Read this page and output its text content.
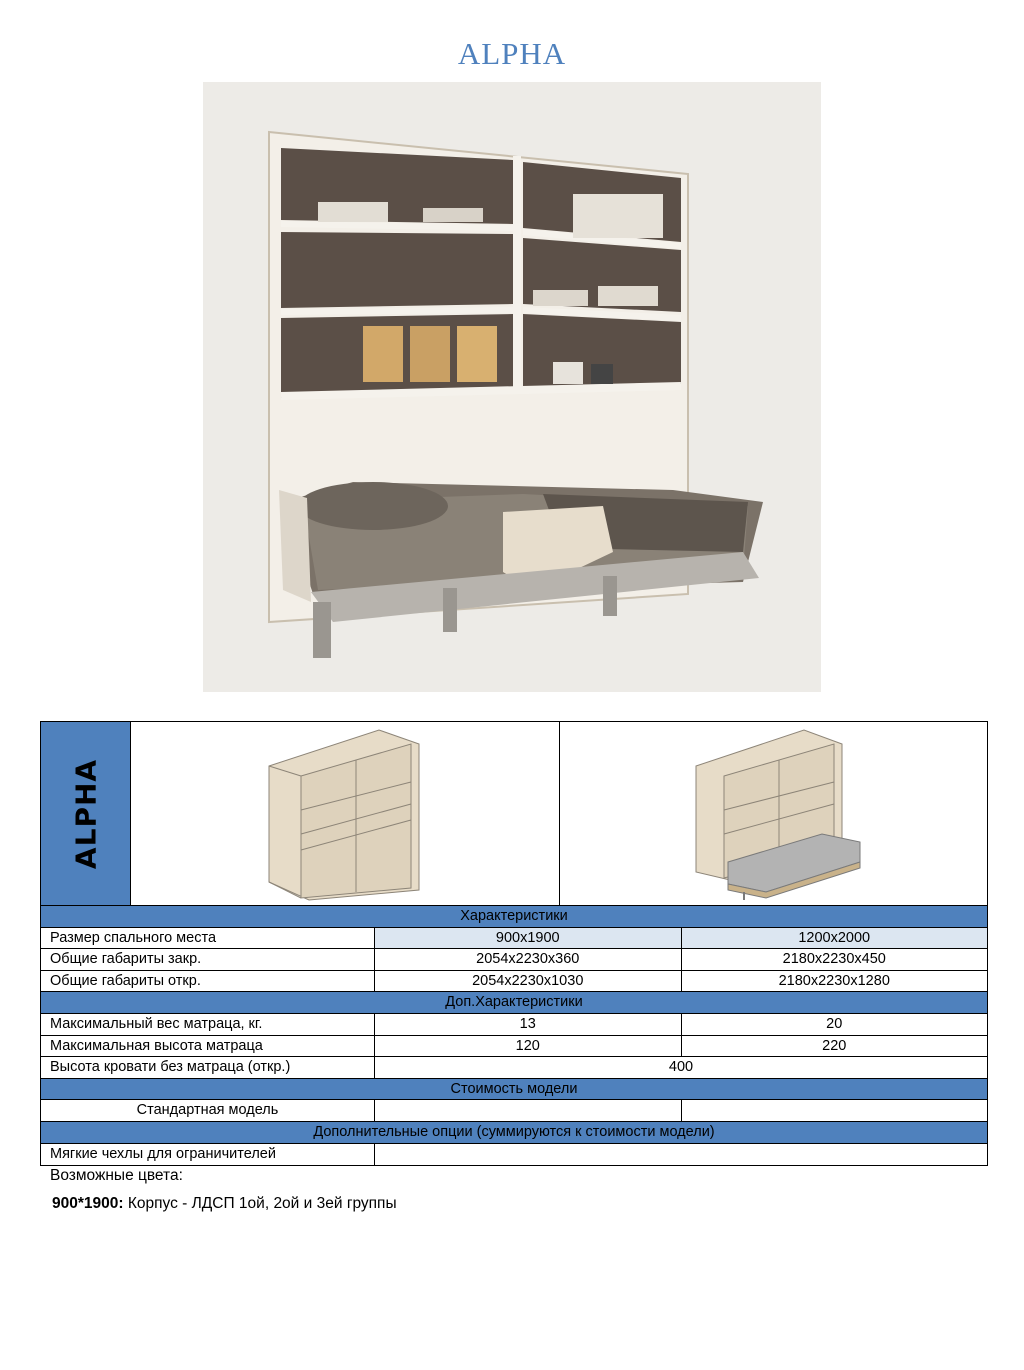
ALPHA
ALPHA
Характеристики
Размер спального места	900х1900	1200х2000
Общие габариты закр.	2054х2230х360	2180х2230х450
Общие габариты откр.	2054х2230х1030	2180х2230х1280
Доп.Характеристики
Максимальный вес матраца, кг.	13	20
Максимальная высота матраца	120	220
Высота кровати без матраца (откр.)	400
Стоимость модели
Стандартная модель
Дополнительные опции (суммируются к стоимости модели)
Мягкие чехлы для ограничителей
Возможные цвета:
900*1900: Корпус - ЛДСП 1ой, 2ой и 3ей группы
